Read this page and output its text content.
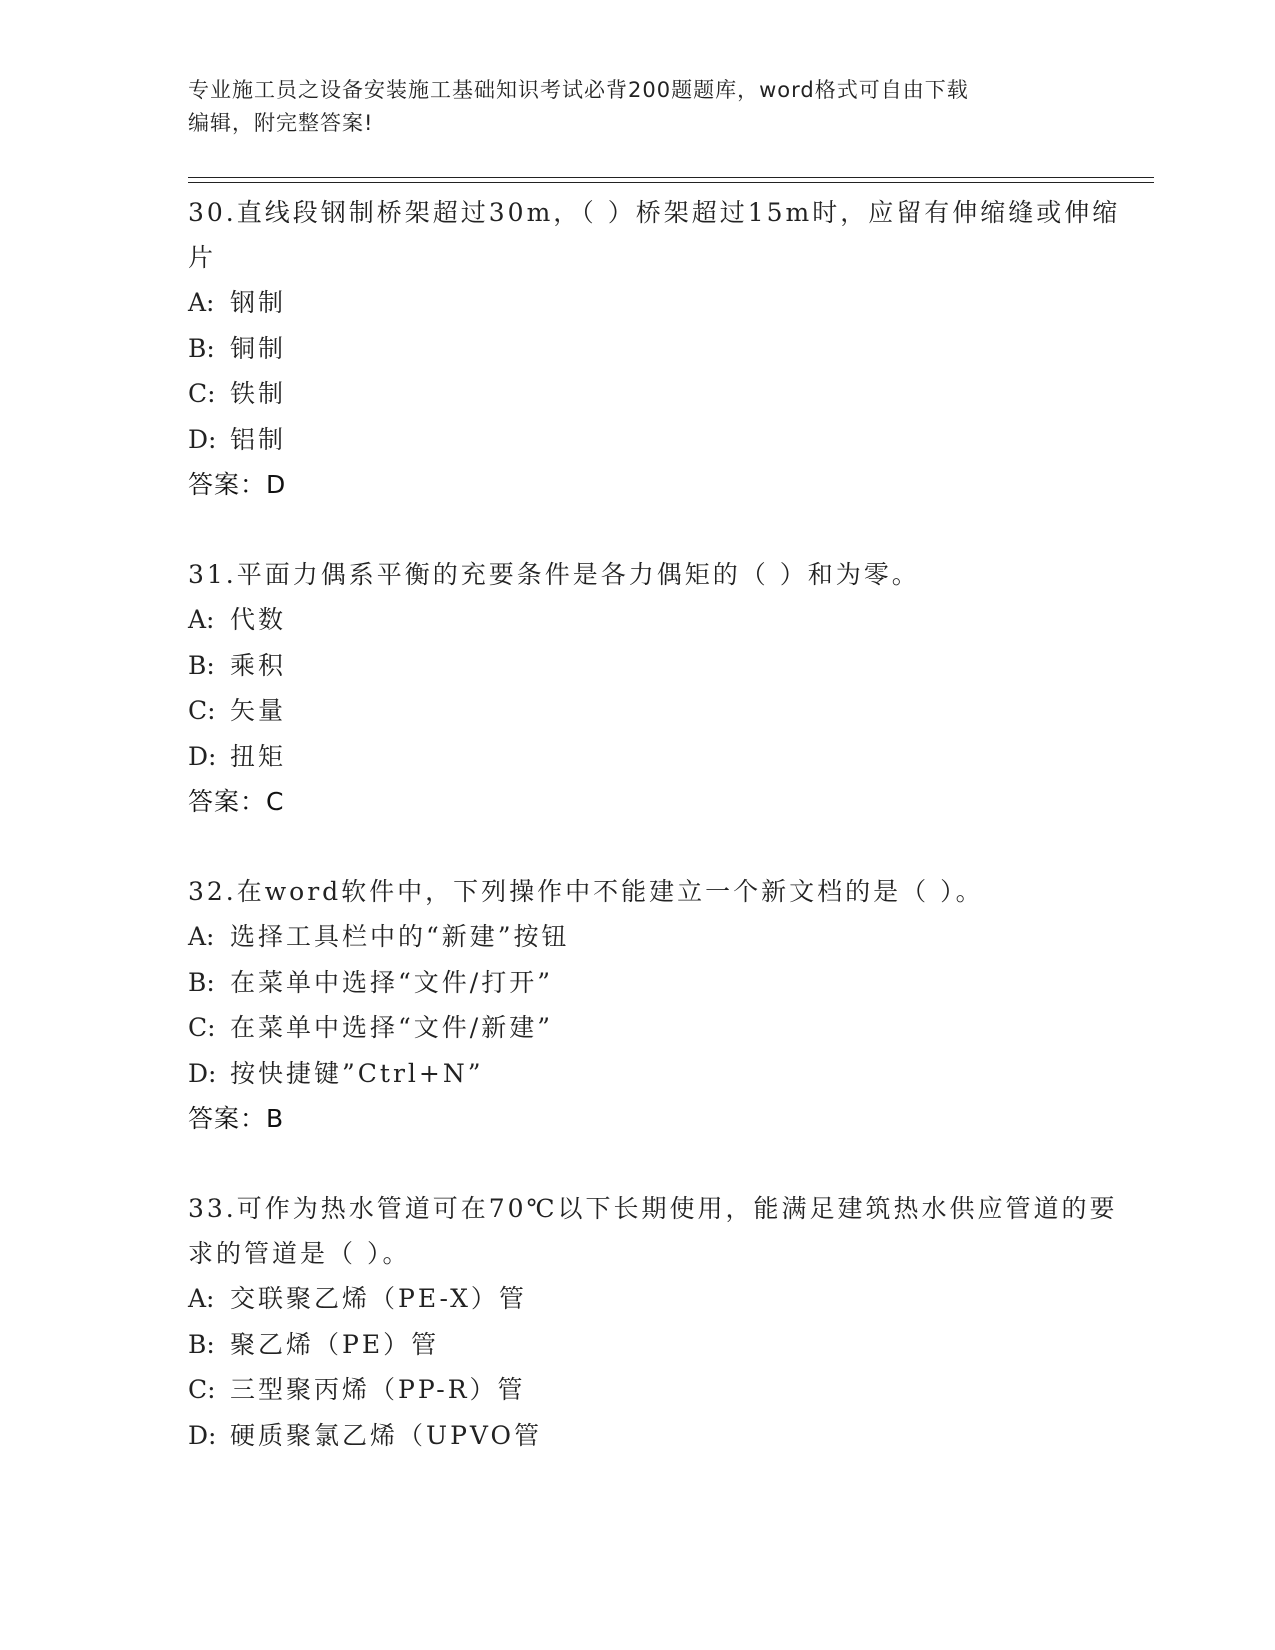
专业施工员之设备安装施工基础知识考试必背200题题库，word格式可自由下载
编辑，附完整答案!
30.直线段钢制桥架超过30m，（ ）桥架超过15m时，应留有伸缩缝或伸缩片
A: 钢制
B: 铜制
C: 铁制
D: 铝制
答案：D
31.平面力偶系平衡的充要条件是各力偶矩的（ ）和为零。
A: 代数
B: 乘积
C: 矢量
D: 扭矩
答案：C
32.在word软件中，下列操作中不能建立一个新文档的是（ ）。
A: 选择工具栏中的“新建”按钮
B: 在菜单中选择“文件/打开”
C: 在菜单中选择“文件/新建”
D: 按快捷键”Ctrl+N”
答案：B
33.可作为热水管道可在70℃以下长期使用，能满足建筑热水供应管道的要求的管道是（ ）。
A: 交联聚乙烯（PE-X）管
B: 聚乙烯（PE）管
C: 三型聚丙烯（PP-R）管
D: 硬质聚氯乙烯（UPVO管
